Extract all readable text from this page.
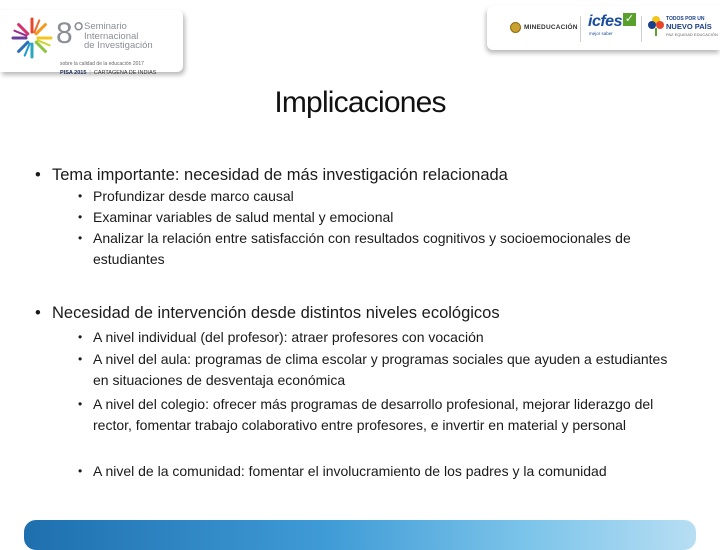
8° Seminario
Internacional
de Investigación
sobre la calidad de la educación 2017
PISA 2015 | CARTAGENA DE INDIAS
MINEDUCACIÓN icfes ✓
mejor saber
TODOS POR UN
NUEVO PAÍS
PAZ EQUIDAD EDUCACIÓN
Implicaciones
• Tema importante: necesidad de más investigación relacionada
• Profundizar desde marco causal
• Examinar variables de salud mental y emocional
• Analizar la relación entre satisfacción con resultados cognitivos y socioemocionales de estudiantes
• Necesidad de intervención desde distintos niveles ecológicos
• A nivel individual (del profesor): atraer profesores con vocación
• A nivel del aula: programas de clima escolar y programas sociales que ayuden a estudiantes en situaciones de desventaja económica
• A nivel del colegio: ofrecer más programas de desarrollo profesional, mejorar liderazgo del rector, fomentar trabajo colaborativo entre profesores, e invertir en material y personal
• A nivel de la comunidad: fomentar el involucramiento de los padres y la comunidad
